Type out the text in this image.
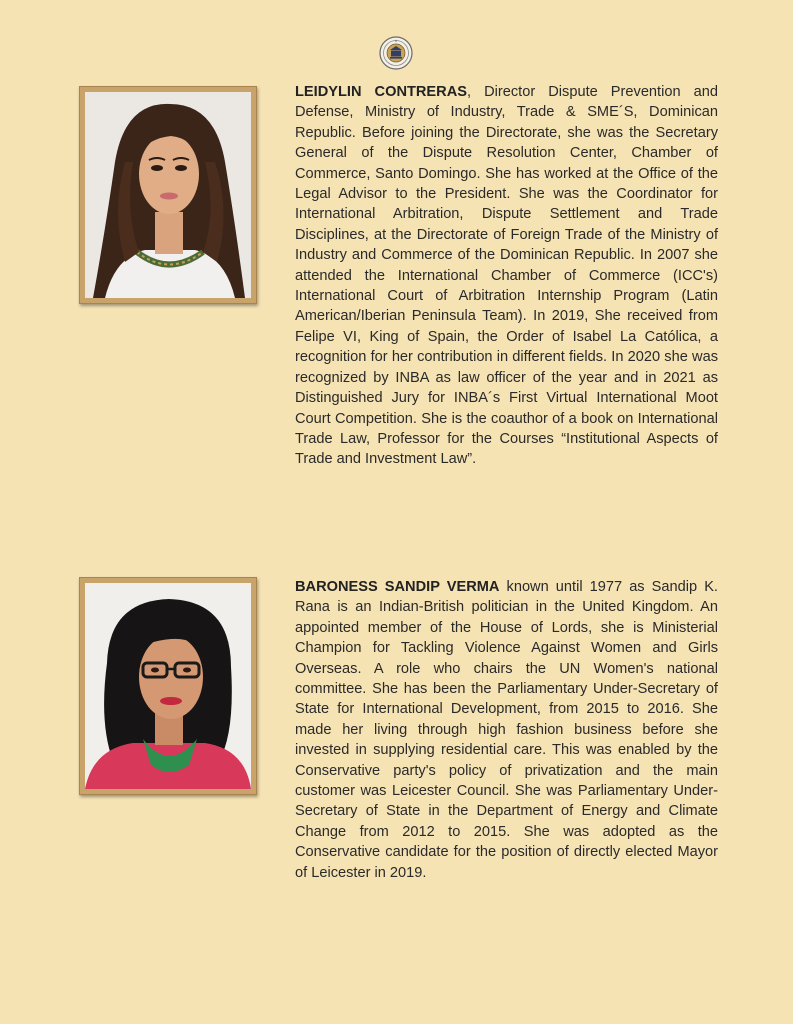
LEIDYLIN CONTRERAS, Director Dispute Prevention and Defense, Ministry of Industry, Trade & SME´S, Dominican Republic. Before joining the Directorate, she was the Secretary General of the Dispute Resolution Center, Chamber of Commerce, Santo Domingo. She has worked at the Office of the Legal Advisor to the President. She was the Coordinator for International Arbitration, Dispute Settlement and Trade Disciplines, at the Directorate of Foreign Trade of the Ministry of Industry and Commerce of the Dominican Republic. In 2007 she attended the International Chamber of Commerce (ICC's) International Court of Arbitration Internship Program (Latin American/Iberian Peninsula Team). In 2019, She received from Felipe VI, King of Spain, the Order of Isabel La Católica, a recognition for her contribution in different fields. In 2020 she was recognized by INBA as law officer of the year and in 2021 as Distinguished Jury for INBA´s First Virtual International Moot Court Competition. She is the coauthor of a book on International Trade Law, Professor for the Courses “Institutional Aspects of Trade and Investment Law”.

BARONESS SANDIP VERMA known until 1977 as Sandip K. Rana is an Indian-British politician in the United Kingdom. An appointed member of the House of Lords, she is Ministerial Champion for Tackling Violence Against Women and Girls Overseas. A role who chairs the UN Women's national committee. She has been the Parliamentary Under-Secretary of State for International Development, from 2015 to 2016. She made her living through high fashion business before she invested in supplying residential care. This was enabled by the Conservative party's policy of privatization and the main customer was Leicester Council. She was Parliamentary Under-Secretary of State in the Department of Energy and Climate Change from 2012 to 2015. She was adopted as the Conservative candidate for the position of directly elected Mayor of Leicester in 2019.
